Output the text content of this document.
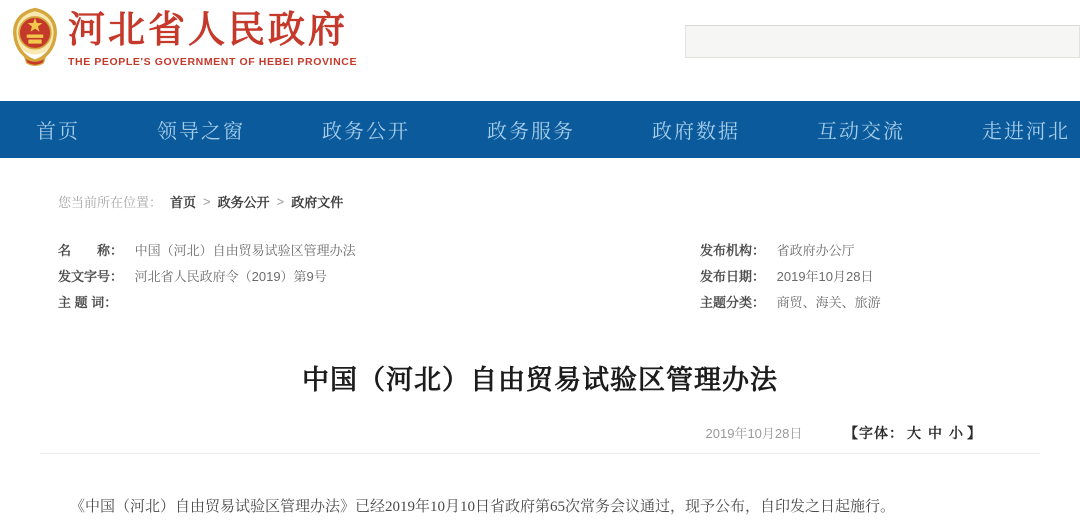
河北省人民政府
THE PEOPLE'S GOVERNMENT OF HEBEI PROVINCE
首页	领导之窗	政务公开	政务服务	政府数据	互动交流	走进河北
您当前所在位置： 首页 > 政务公开 > 政府文件
名　　称： 中国（河北）自由贸易试验区管理办法
发文字号： 河北省人民政府令（2019）第9号
主 题 词：
发布机构： 省政府办公厅
发布日期： 2019年10月28日
主题分类： 商贸、海关、旅游
中国（河北）自由贸易试验区管理办法
2019年10月28日	【字体： 大 中 小 】

《中国（河北）自由贸易试验区管理办法》已经2019年10月10日省政府第65次常务会议通过，现予公布，自印发之日起施行。
